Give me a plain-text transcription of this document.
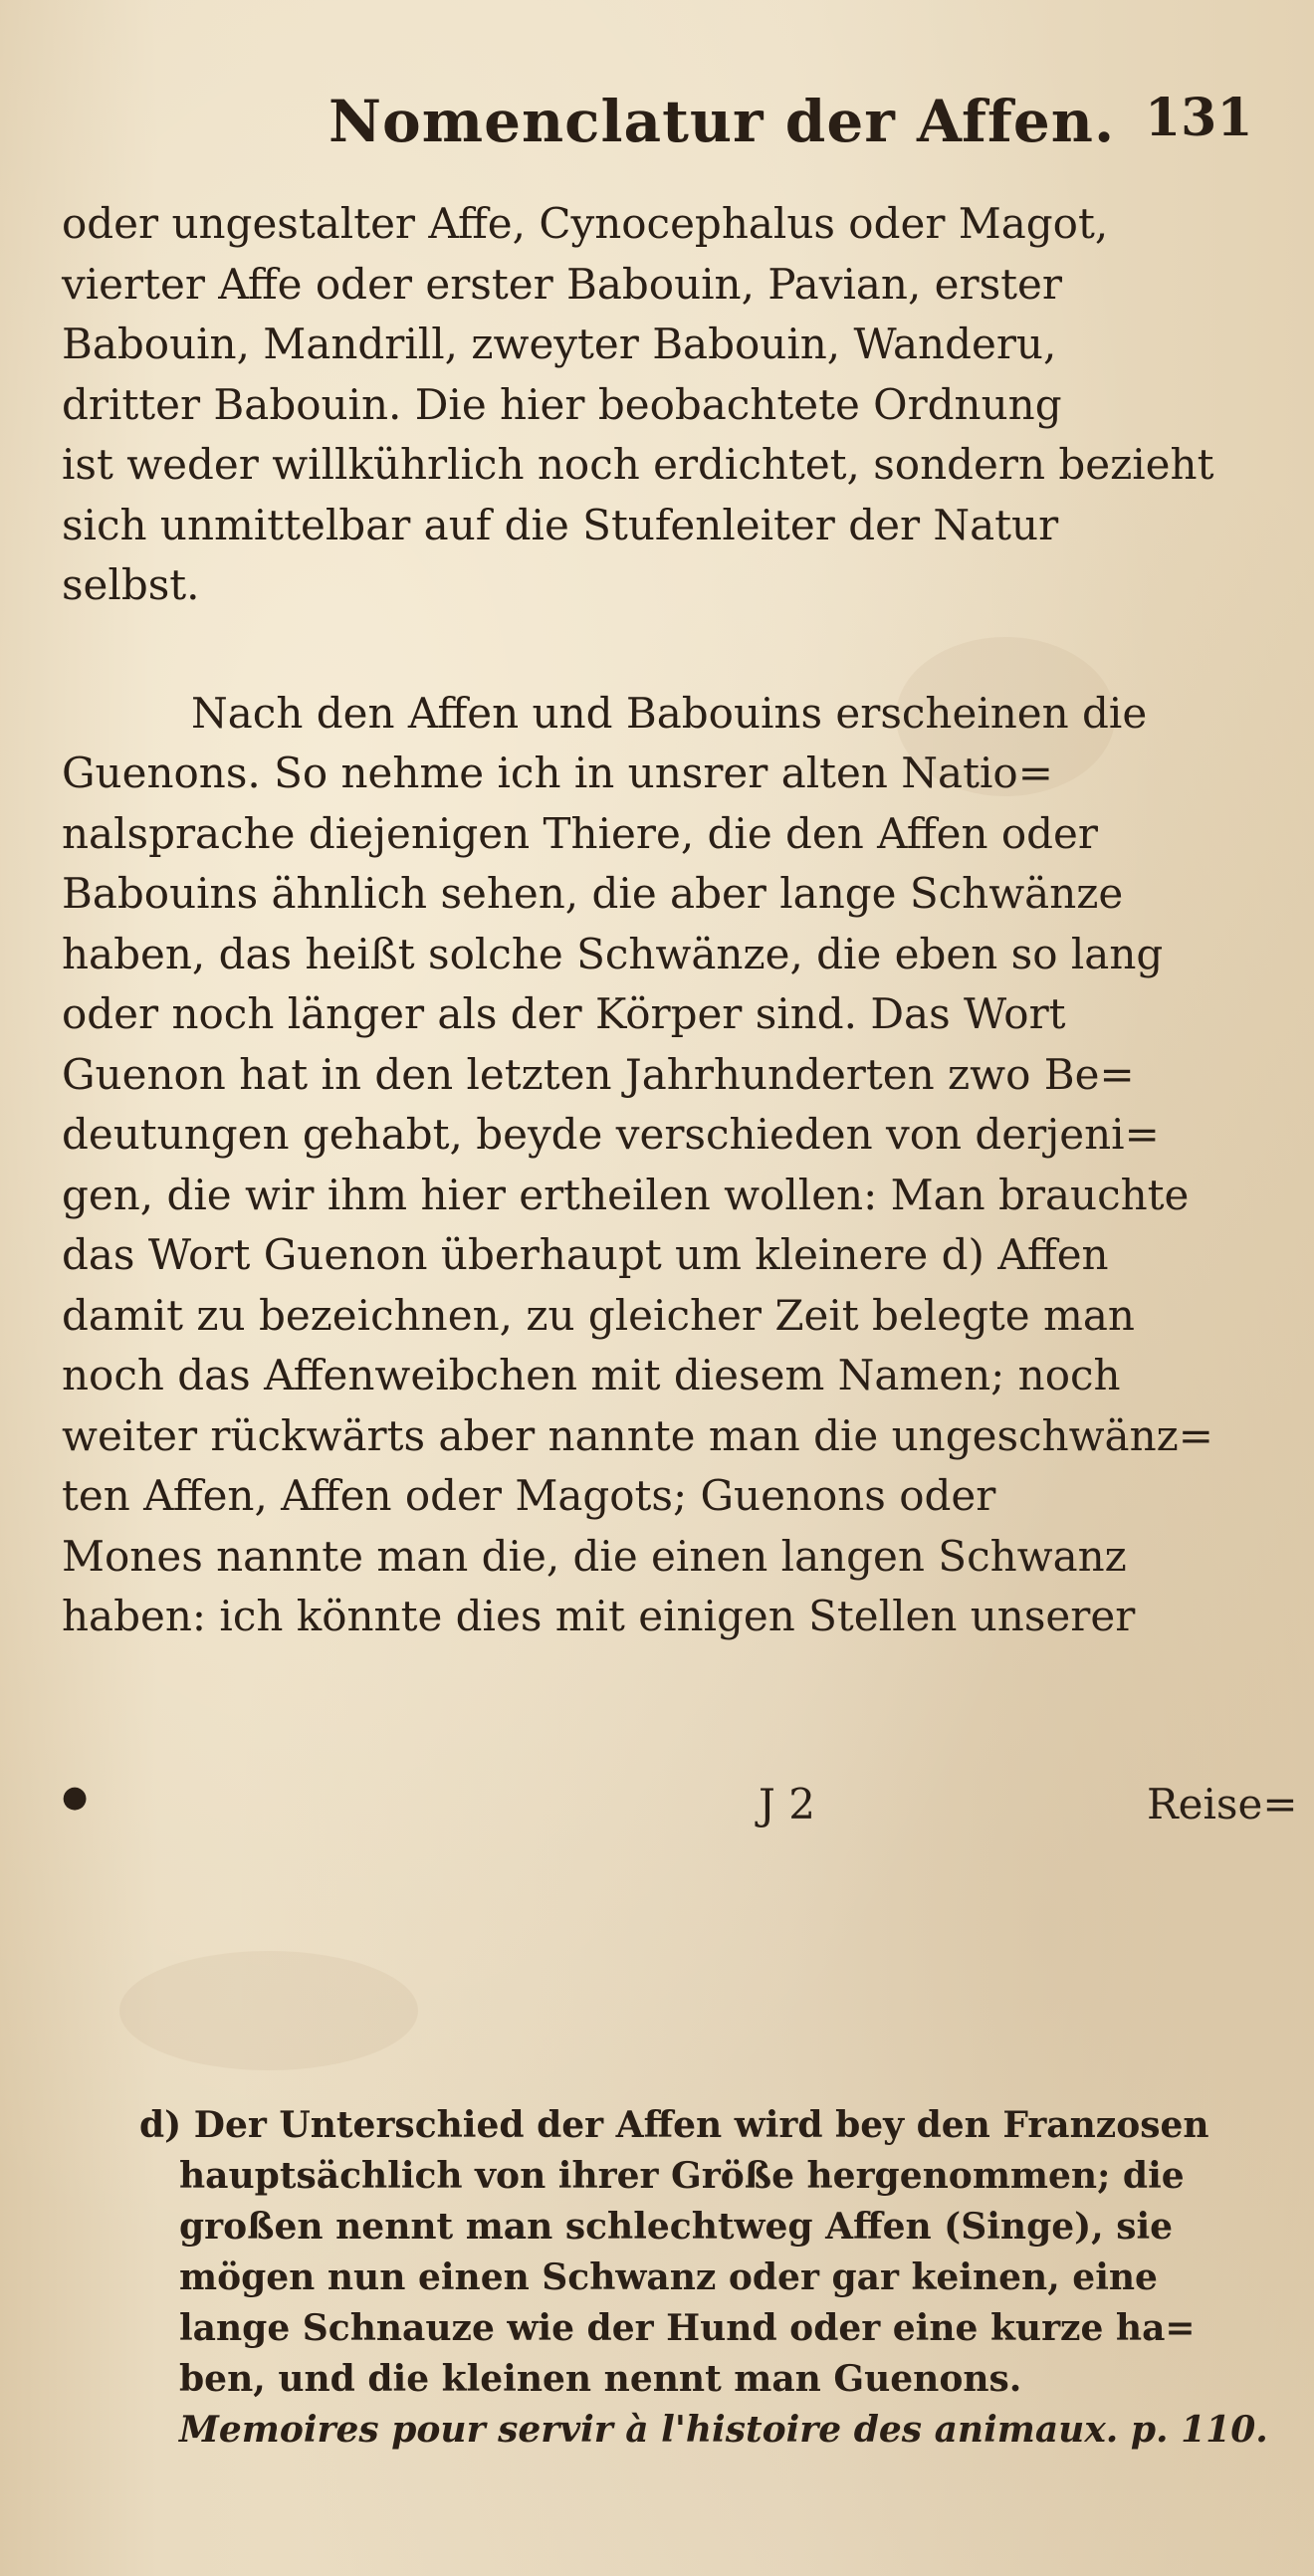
Nomenclatur der Affen. 131
oder ungestalter Affe, Cynocephalus oder Magot,
vierter Affe oder erster Babouin, Pavian, erster
Babouin, Mandrill, zweyter Babouin, Wanderu,
dritter Babouin. Die hier beobachtete Ordnung
ist weder willkührlich noch erdichtet, sondern bezieht
sich unmittelbar auf die Stufenleiter der Natur
selbst.
Nach den Affen und Babouins erscheinen die
Guenons. So nehme ich in unsrer alten Natio=
nalsprache diejenigen Thiere, die den Affen oder
Babouins ähnlich sehen, die aber lange Schwänze
haben, das heißt solche Schwänze, die eben so lang
oder noch länger als der Körper sind. Das Wort
Guenon hat in den letzten Jahrhunderten zwo Be=
deutungen gehabt, beyde verschieden von derjeni=
gen, die wir ihm hier ertheilen wollen: Man brauchte
das Wort Guenon überhaupt um kleinere d) Affen
damit zu bezeichnen, zu gleicher Zeit belegte man
noch das Affenweibchen mit diesem Namen; noch
weiter rückwärts aber nannte man die ungeschwänz=
ten Affen, Affen oder Magots; Guenons oder
Mones nannte man die, die einen langen Schwanz
haben: ich könnte dies mit einigen Stellen unserer
●	J 2	Reise=
d) Der Unterschied der Affen wird bey den Franzosen
hauptsächlich von ihrer Größe hergenommen; die
großen nennt man schlechtweg Affen (Singe), sie
mögen nun einen Schwanz oder gar keinen, eine
lange Schnauze wie der Hund oder eine kurze ha=
ben, und die kleinen nennt man Guenons.
Memoires pour servir à l'histoire des animaux. p. 110.
